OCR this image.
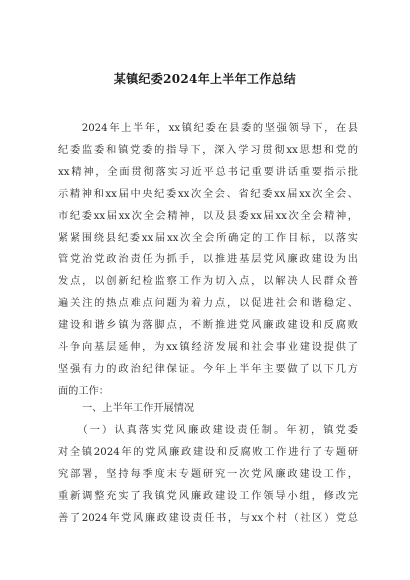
某镇纪委2024年上半年工作总结
　　2024年上半年，xx镇纪委在县委的坚强领导下，在县
纪委监委和镇党委的指导下，深入学习贯彻xx思想和党的
xx精神，全面贯彻落实习近平总书记重要讲话重要指示批
示精神和xx届中央纪委xx次全会、省纪委xx届xx次全会、
市纪委xx届xx次全会精神，以及县委xx届xx次全会精神，
紧紧围绕县纪委xx届xx次全会所确定的工作目标，以落实
管党治党政治责任为抓手，以推进基层党风廉政建设为出
发点，以创新纪检监察工作为切入点，以解决人民群众普
遍关注的热点难点问题为着力点，以促进社会和谐稳定、
建设和谐乡镇为落脚点，不断推进党风廉政建设和反腐败
斗争向基层延伸，为xx镇经济发展和社会事业建设提供了
坚强有力的政治纪律保证。今年上半年主要做了以下几方
面的工作：
一、上半年工作开展情况
　　（一）认真落实党风廉政建设责任制。年初，镇党委
对全镇2024年的党风廉政建设和反腐败工作进行了专题研
究部署，坚持每季度末专题研究一次党风廉政建设工作，
重新调整充实了我镇党风廉政建设工作领导小组，修改完
善了2024年党风廉政建设责任书，与xx个村（社区）党总
